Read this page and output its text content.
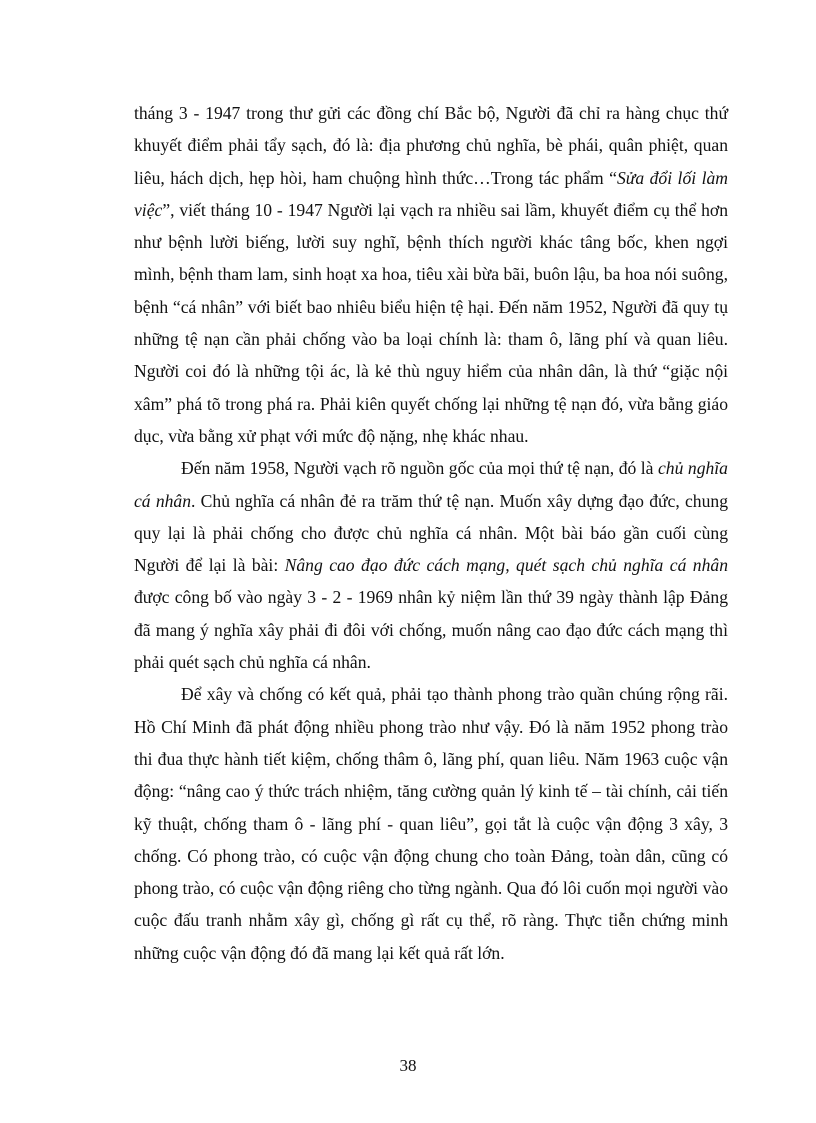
tháng 3 - 1947 trong thư gửi các đồng chí Bắc bộ, Người đã chỉ ra hàng chục thứ khuyết điểm phải tẩy sạch, đó là: địa phương chủ nghĩa, bè phái, quân phiệt, quan liêu, hách dịch, hẹp hòi, ham chuộng hình thức…Trong tác phẩm “Sửa đổi lối làm việc”, viết tháng 10 - 1947 Người lại vạch ra nhiều sai lầm, khuyết điểm cụ thể hơn như bệnh lười biếng, lười suy nghĩ, bệnh thích người khác tâng bốc, khen ngợi mình, bệnh tham lam, sinh hoạt xa hoa, tiêu xài bừa bãi, buôn lậu, ba hoa nói suông, bệnh “cá nhân” với biết bao nhiêu biểu hiện tệ hại. Đến năm 1952, Người đã quy tụ những tệ nạn cần phải chống vào ba loại chính là: tham ô, lãng phí và quan liêu. Người coi đó là những tội ác, là kẻ thù nguy hiểm của nhân dân, là thứ “giặc nội xâm” phá tõ trong phá ra. Phải kiên quyết chống lại những tệ nạn đó, vừa bằng giáo dục, vừa bằng xử phạt với mức độ nặng, nhẹ khác nhau.

Đến năm 1958, Người vạch rõ nguồn gốc của mọi thứ tệ nạn, đó là chủ nghĩa cá nhân. Chủ nghĩa cá nhân đẻ ra trăm thứ tệ nạn. Muốn xây dựng đạo đức, chung quy lại là phải chống cho được chủ nghĩa cá nhân. Một bài báo gần cuối cùng Người để lại là bài: Nâng cao đạo đức cách mạng, quét sạch chủ nghĩa cá nhân được công bố vào ngày 3 - 2 - 1969 nhân kỷ niệm lần thứ 39 ngày thành lập Đảng đã mang ý nghĩa xây phải đi đôi với chống, muốn nâng cao đạo đức cách mạng thì phải quét sạch chủ nghĩa cá nhân.

Để xây và chống có kết quả, phải tạo thành phong trào quần chúng rộng rãi. Hồ Chí Minh đã phát động nhiều phong trào như vậy. Đó là năm 1952 phong trào thi đua thực hành tiết kiệm, chống thâm ô, lãng phí, quan liêu. Năm 1963 cuộc vận động: “nâng cao ý thức trách nhiệm, tăng cường quản lý kinh tế – tài chính, cải tiến kỹ thuật, chống tham ô - lãng phí - quan liêu”, gọi tắt là cuộc vận động 3 xây, 3 chống. Có phong trào, có cuộc vận động chung cho toàn Đảng, toàn dân, cũng có phong trào, có cuộc vận động riêng cho từng ngành. Qua đó lôi cuốn mọi người vào cuộc đấu tranh nhằm xây gì, chống gì rất cụ thể, rõ ràng. Thực tiễn chứng minh những cuộc vận động đó đã mang lại kết quả rất lớn.

38
